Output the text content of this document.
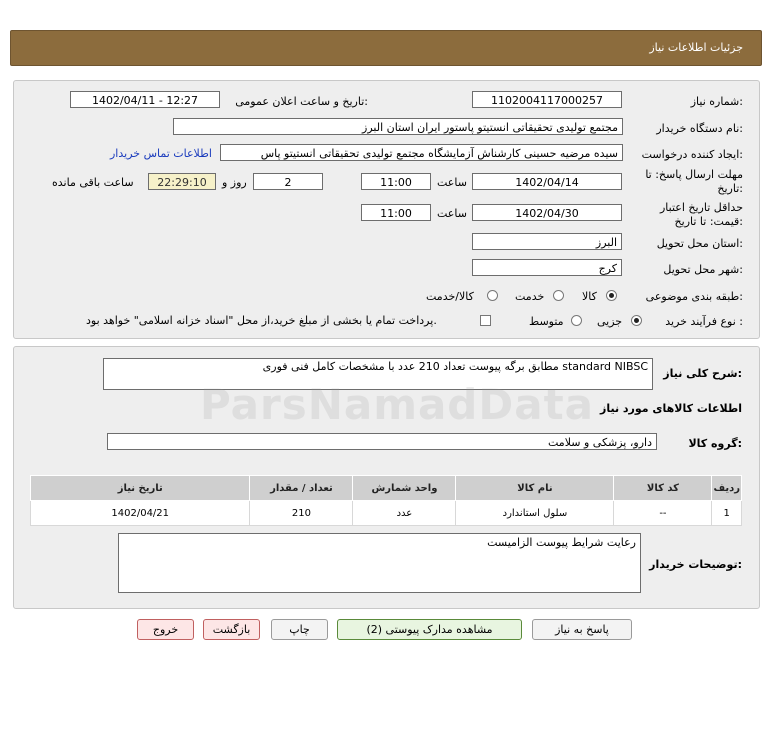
جزئیات اطلاعات نیاز
شماره نیاز:
1102004117000257
تاریخ و ساعت اعلان عمومی:
1402/04/11 - 12:27
نام دستگاه خریدار:
مجتمع تولیدی تحقیقاتی انستیتو پاستور ایران استان البرز
ایجاد کننده درخواست:
سیده مرضیه حسینی کارشناش آزمایشگاه مجتمع تولیدی تحقیقاتی انستیتو پاس
اطلاعات تماس خریدار
مهلت ارسال پاسخ: تا
تاریخ:
1402/04/14
ساعت
11:00
2
روز و
22:29:10
ساعت باقی مانده
حداقل تاریخ اعتبار
قیمت: تا تاریخ:
1402/04/30
ساعت
11:00
استان محل تحویل:
البرز
شهر محل تحویل:
کرج
طبقه بندی موضوعی:
کالا
خدمت
کالا/خدمت
نوع فرآیند خرید :
جزیی
متوسط
پرداخت تمام یا بخشی از مبلغ خرید،از محل "اسناد خزانه اسلامی" خواهد بود.
شرح کلی نیاز:
standard NIBSC مطابق برگه پیوست تعداد 210 عدد با مشخصات کامل فنی فوری
اطلاعات کالاهای مورد نیاز
گروه کالا:
دارو، پزشکی و سلامت
ردیف	کد کالا	نام کالا	واحد شمارش	تعداد / مقدار	تاریخ نیاز
1	--	سلول استاندارد	عدد	210	1402/04/21
توضیحات خریدار:
رعایت شرایط پیوست الزامیست
پاسخ به نیاز
مشاهده مدارک پیوستی (2)
چاپ
بازگشت
خروج
